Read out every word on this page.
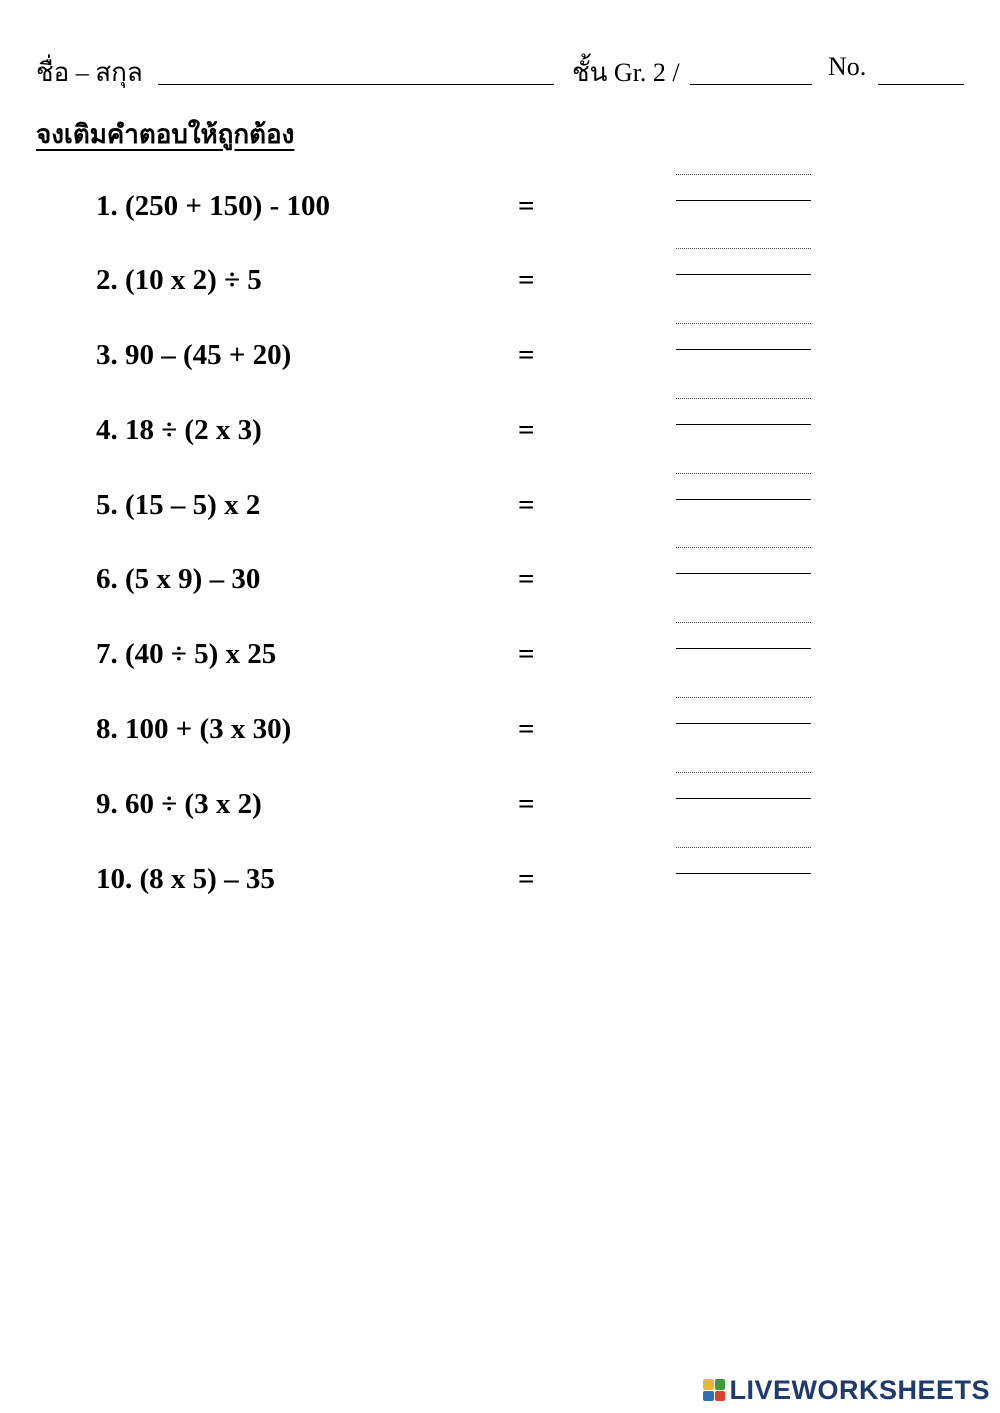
ชื่อ – สกุล	ชั้น Gr. 2 /	No.
จงเติมคำตอบให้ถูกต้อง
1. (250 + 150) - 100	=
2. (10 x 2) ÷ 5	=
3. 90 – (45 + 20)	=
4. 18 ÷ (2 x 3)	=
5. (15 – 5) x 2	=
6. (5 x 9) – 30	=
7. (40 ÷ 5) x 25	=
8. 100 + (3 x 30)	=
9. 60 ÷ (3 x 2)	=
10. (8 x 5) – 35	=
LIVEWORKSHEETS
